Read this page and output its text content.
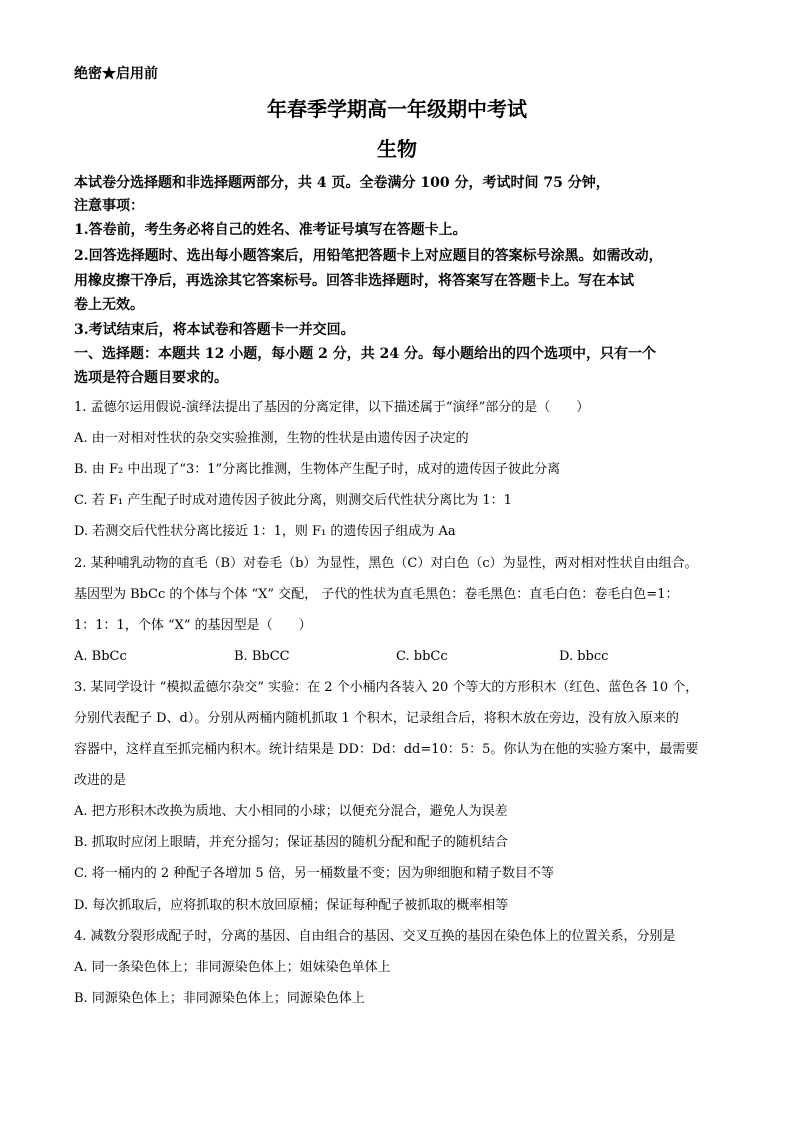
绝密★启用前
年春季学期高一年级期中考试
生物
本试卷分选择题和非选择题两部分，共 4 页。全卷满分 100 分，考试时间 75 分钟，
注意事项：
1.答卷前，考生务必将自己的姓名、准考证号填写在答题卡上。
2.回答选择题时、选出每小题答案后，用铅笔把答题卡上对应题目的答案标号涂黑。如需改动，
用橡皮擦干净后，再选涂其它答案标号。回答非选择题时，将答案写在答题卡上。写在本试
卷上无效。
3.考试结束后，将本试卷和答题卡一并交回。
一、选择题：本题共 12 小题，每小题 2 分，共 24 分。每小题给出的四个选项中，只有一个
选项是符合题目要求的。
1. 孟德尔运用假说-演绎法提出了基因的分离定律，以下描述属于“演绎”部分的是（　　）
A. 由一对相对性状的杂交实验推测，生物的性状是由遗传因子决定的
B. 由 F₂ 中出现了“3：1”分离比推测，生物体产生配子时，成对的遗传因子彼此分离
C. 若 F₁ 产生配子时成对遗传因子彼此分离，则测交后代性状分离比为 1：1
D. 若测交后代性状分离比接近 1：1，则 F₁ 的遗传因子组成为 Aa
2. 某种哺乳动物的直毛（B）对卷毛（b）为显性，黑色（C）对白色（c）为显性，两对相对性状自由组合。
基因型为 BbCc 的个体与个体 “X” 交配， 子代的性状为直毛黑色：卷毛黑色：直毛白色：卷毛白色=1：
1：1：1，个体 “X” 的基因型是（　　）
A. BbCc	B. BbCC	C. bbCc	D. bbcc
3. 某同学设计 “模拟孟德尔杂交” 实验：在 2 个小桶内各装入 20 个等大的方形积木（红色、蓝色各 10 个，
分别代表配子 D、d）。分别从两桶内随机抓取 1 个积木，记录组合后，将积木放在旁边，没有放入原来的
容器中，这样直至抓完桶内积木。统计结果是 DD：Dd：dd=10：5：5。你认为在他的实验方案中，最需要
改进的是
A. 把方形积木改换为质地、大小相同的小球；以便充分混合，避免人为误差
B. 抓取时应闭上眼睛，并充分摇匀；保证基因的随机分配和配子的随机结合
C. 将一桶内的 2 种配子各增加 5 倍，另一桶数量不变；因为卵细胞和精子数目不等
D. 每次抓取后，应将抓取的积木放回原桶；保证每种配子被抓取的概率相等
4. 减数分裂形成配子时，分离的基因、自由组合的基因、交叉互换的基因在染色体上的位置关系，分别是
A. 同一条染色体上；非同源染色体上；姐妹染色单体上
B. 同源染色体上；非同源染色体上；同源染色体上
